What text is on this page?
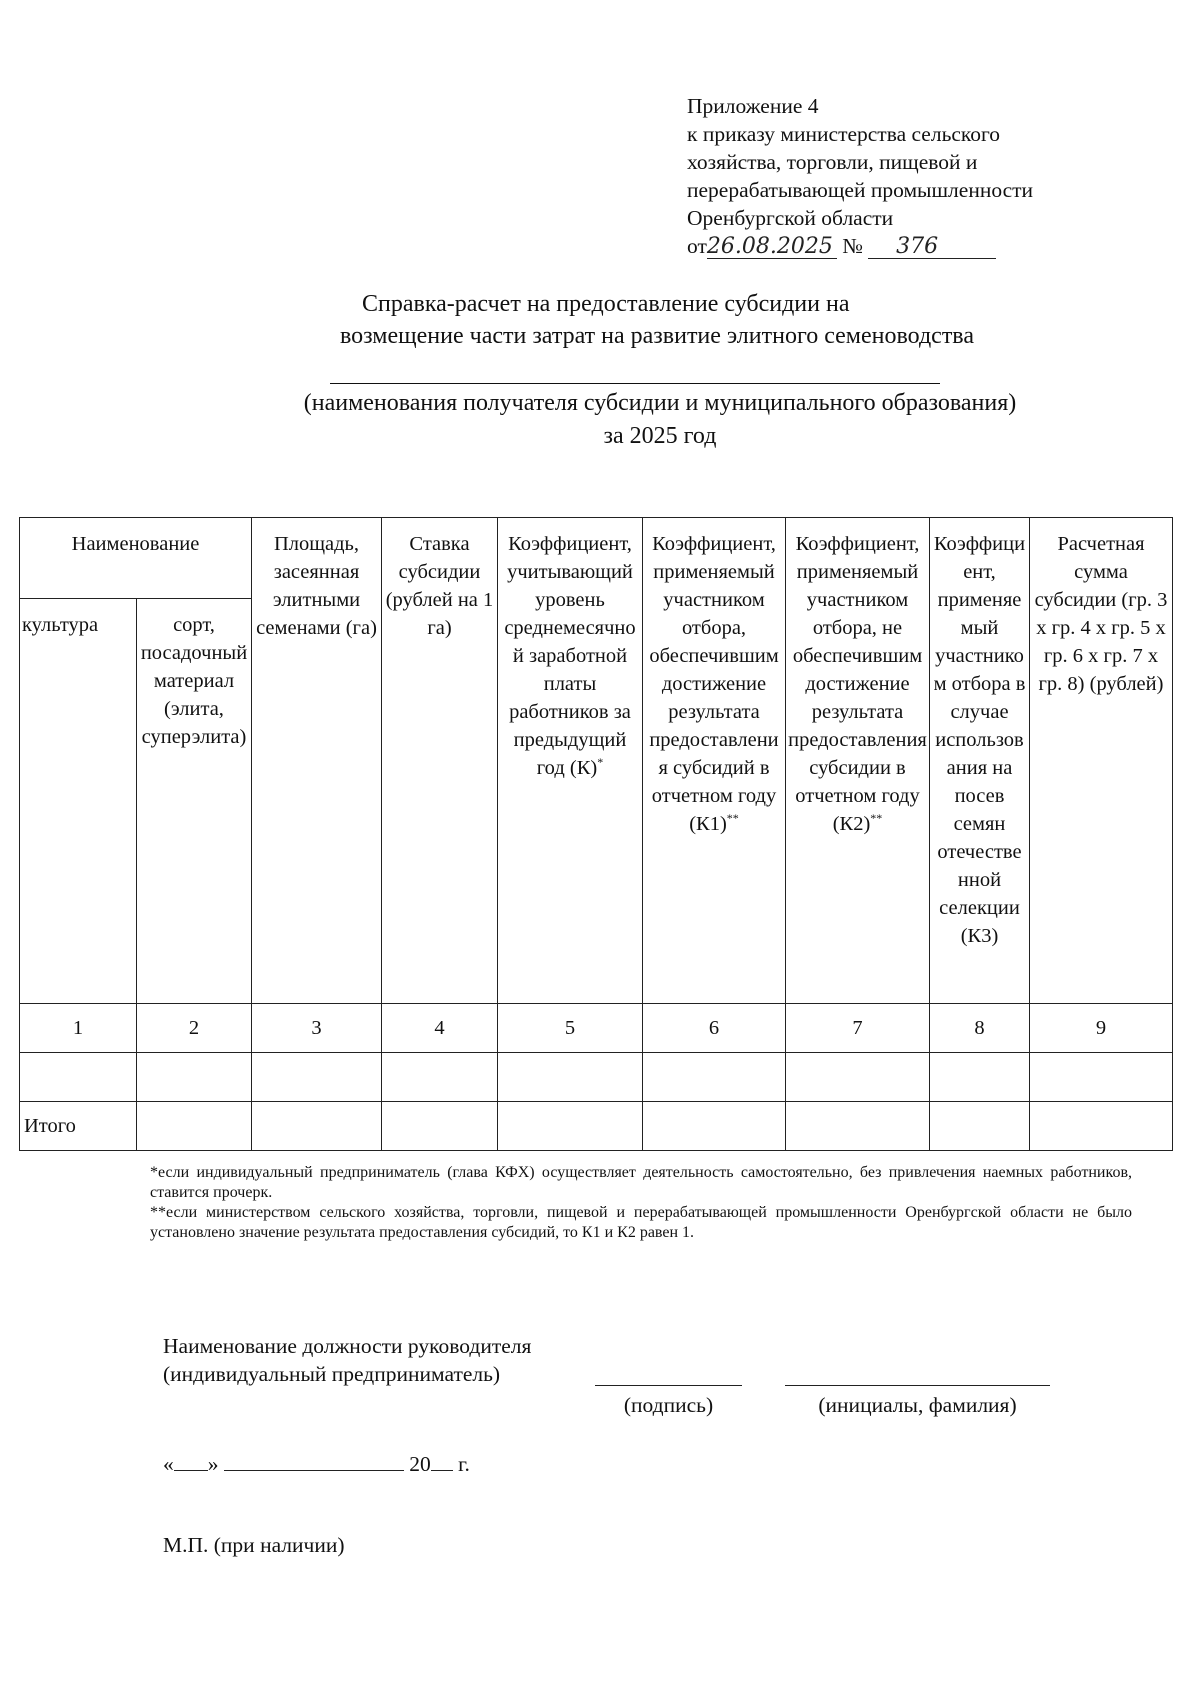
Приложение 4
к приказу министерства сельского
хозяйства, торговли, пищевой и
перерабатывающей промышленности
Оренбургской области
от26.08.2025 № 376
Справка-расчет на предоставление субсидии на
возмещение части затрат на развитие элитного семеноводства
(наименования получателя субсидии и муниципального образования)
за 2025 год
Наименование		Площадь, засеянная элитными семенами (га)	Ставка субсидии (рублей на 1 га)	Коэффициент, учитывающий уровень среднемесячной заработной платы работников за предыдущий год (К)*	Коэффициент, применяемый участником отбора, обеспечившим достижение результата предоставления субсидий в отчетном году (К1)**	Коэффициент, применяемый участником отбора, не обеспечившим достижение результата предоставления субсидии в отчетном году (К2)**	Коэффициент, применяемый участником отбора в случае использования на посев семян отечественной селекции (К3)	Расчетная сумма субсидии (гр. 3 х гр. 4 х гр. 5 х гр. 6 х гр. 7 х гр. 8) (рублей)
культура	сорт, посадочный материал (элита, суперэлита)							
1	2	3	4	5	6	7	8	9

Итого								

*если индивидуальный предприниматель (глава КФХ) осуществляет деятельность самостоятельно, без привлечения наемных работников, ставится прочерк.

**если министерством сельского хозяйства, торговли, пищевой и перерабатывающей промышленности Оренбургской области не было установлено значение результата предоставления субсидий, то К1 и К2 равен 1.

Наименование должности руководителя
(индивидуальный предприниматель)
(подпись)	(инициалы, фамилия)
« »	20 г.
М.П. (при наличии)
